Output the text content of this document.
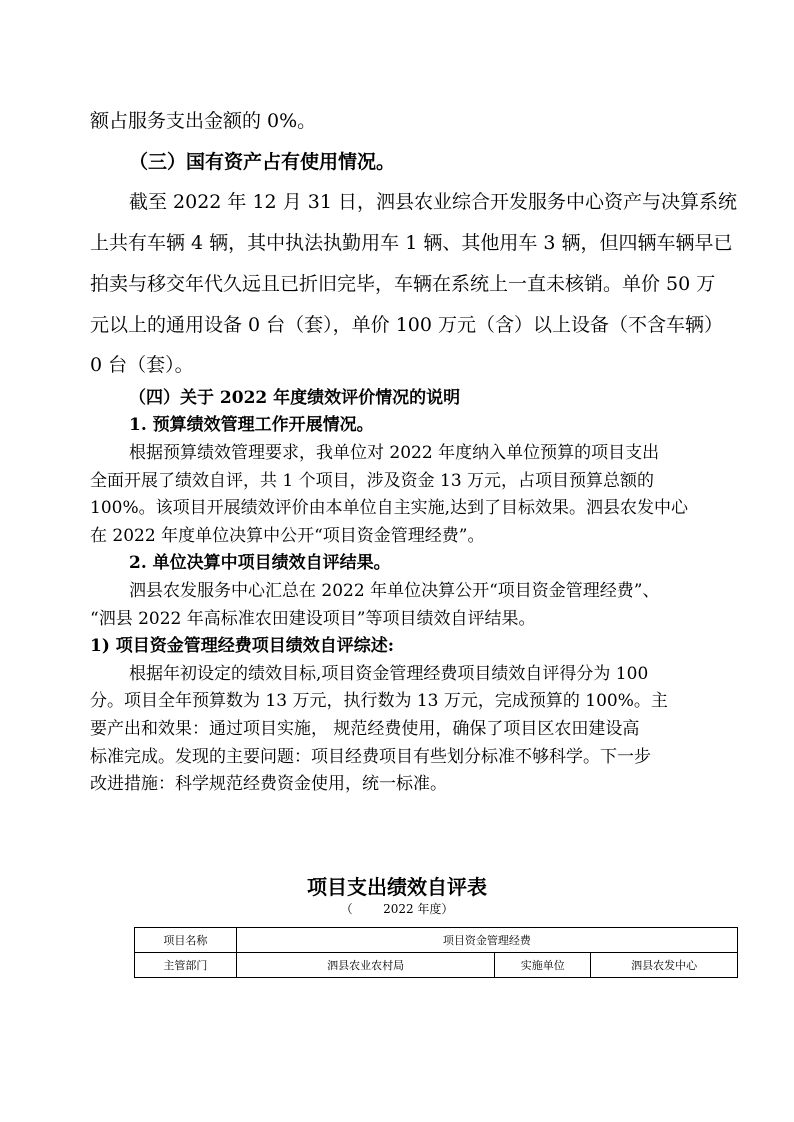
额占服务支出金额的 0%。
（三）国有资产占有使用情况。
截至 2022 年 12 月 31 日，泗县农业综合开发服务中心资产与决算系统
上共有车辆 4 辆，其中执法执勤用车 1 辆、其他用车 3 辆，但四辆车辆早已
拍卖与移交年代久远且已折旧完毕，车辆在系统上一直未核销。单价 50 万
元以上的通用设备 0 台（套），单价 100 万元（含）以上设备（不含车辆）
0 台（套）。
（四）关于 2022 年度绩效评价情况的说明
1. 预算绩效管理工作开展情况。
根据预算绩效管理要求，我单位对 2022 年度纳入单位预算的项目支出
全面开展了绩效自评，共 1 个项目，涉及资金 13 万元，占项目预算总额的
100%。该项目开展绩效评价由本单位自主实施,达到了目标效果。泗县农发中心
在 2022 年度单位决算中公开“项目资金管理经费”。
2. 单位决算中项目绩效自评结果。
泗县农发服务中心汇总在 2022 年单位决算公开“项目资金管理经费”、
“泗县 2022 年高标准农田建设项目”等项目绩效自评结果。
1) 项目资金管理经费项目绩效自评综述:
根据年初设定的绩效目标,项目资金管理经费项目绩效自评得分为 100
分。项目全年预算数为 13 万元，执行数为 13 万元，完成预算的 100%。主
要产出和效果：通过项目实施， 规范经费使用，确保了项目区农田建设高
标准完成。发现的主要问题：项目经费项目有些划分标准不够科学。下一步
改进措施：科学规范经费资金使用，统一标准。
项目支出绩效自评表
（        2022 年度）
项目名称	项目资金管理经费		
主管部门	泗县农业农村局	实施单位	泗县农发中心
